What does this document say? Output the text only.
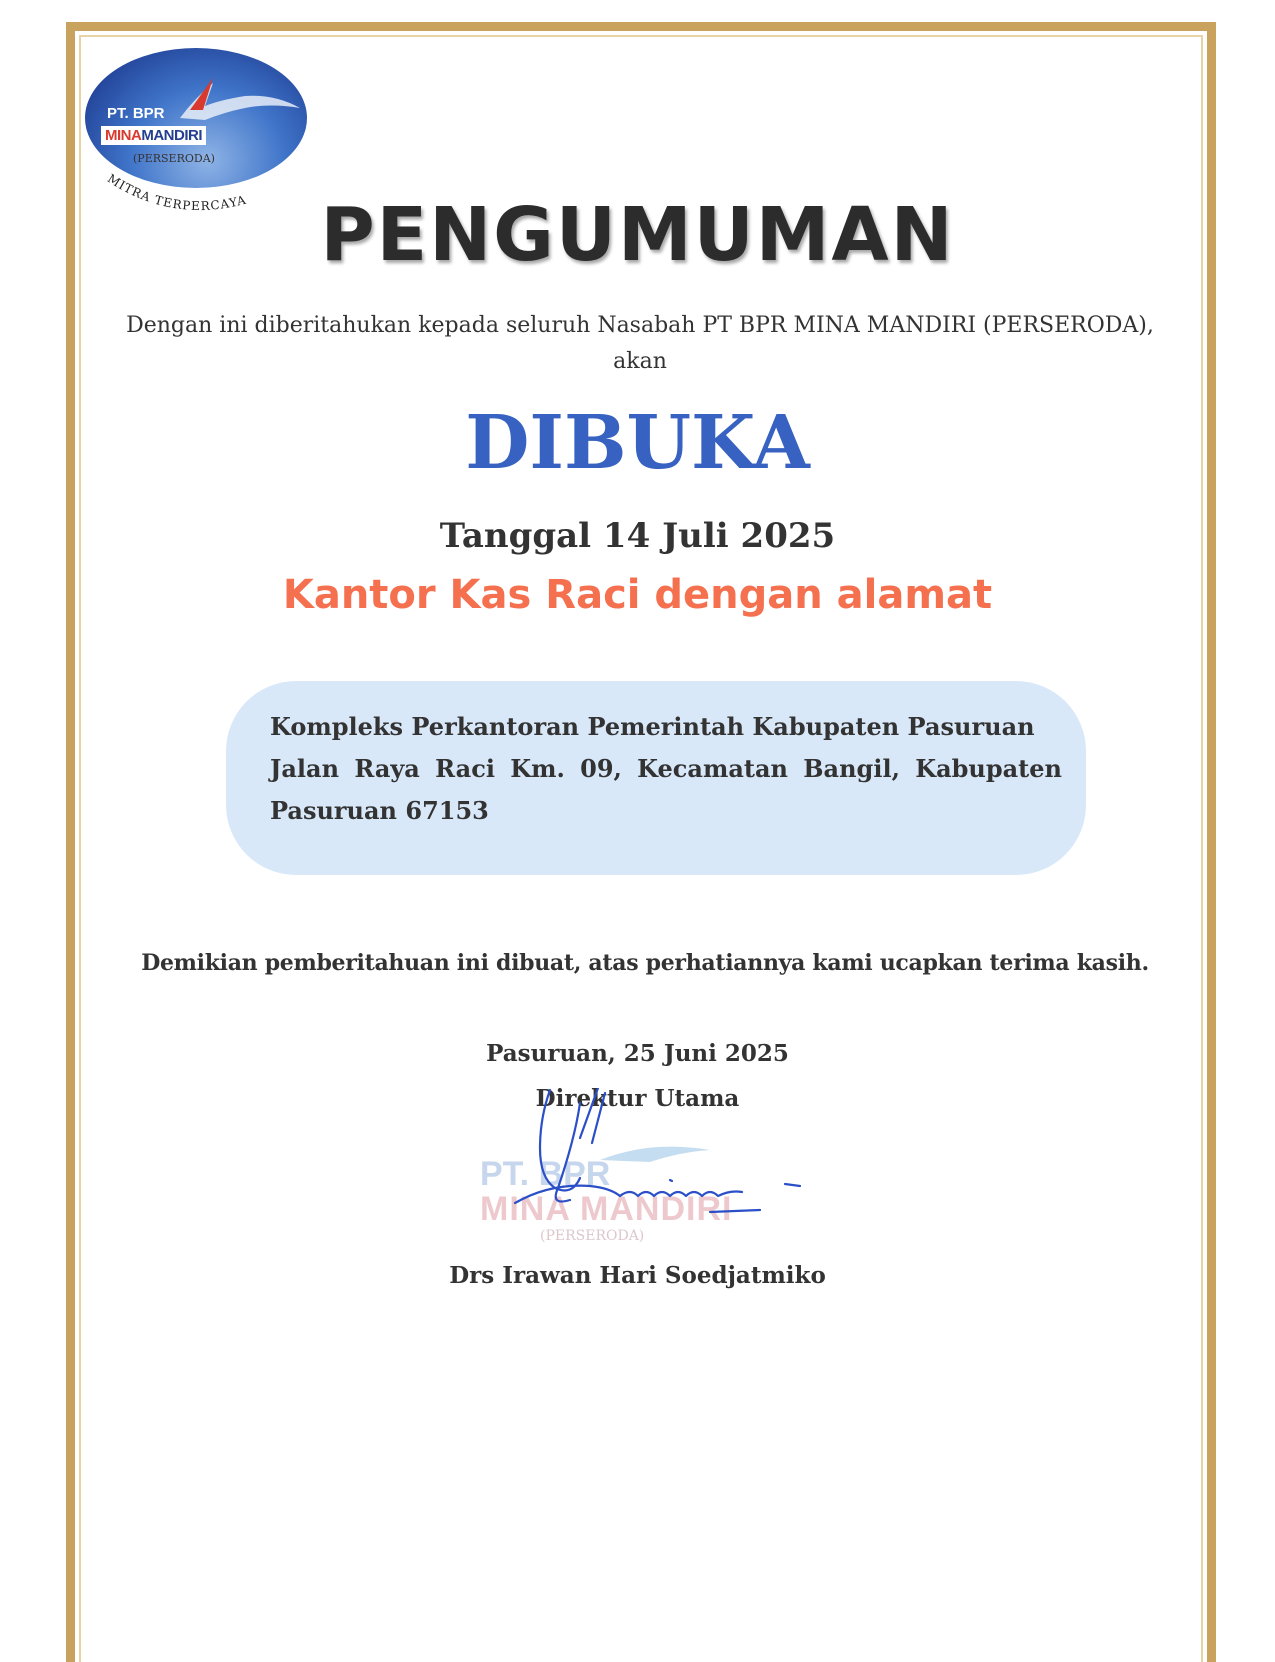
PT. BPR
MINAMANDIRI
(PERSERODA)
MITRA TERPERCAYA PENGUMUMAN
Dengan ini diberitahukan kepada seluruh Nasabah PT BPR MINA MANDIRI (PERSERODA),
akan
DIBUKA
Tanggal 14 Juli 2025
Kantor Kas Raci dengan alamat
Kompleks Perkantoran Pemerintah Kabupaten Pasuruan
Jalan Raya Raci Km. 09, Kecamatan Bangil, Kabupaten
Pasuruan 67153
Demikian pemberitahuan ini dibuat, atas perhatiannya kami ucapkan terima kasih.
Pasuruan, 25 Juni 2025
Direktur Utama
PT. BPR
MINA MANDIRI
(PERSERODA)
Drs Irawan Hari Soedjatmiko
